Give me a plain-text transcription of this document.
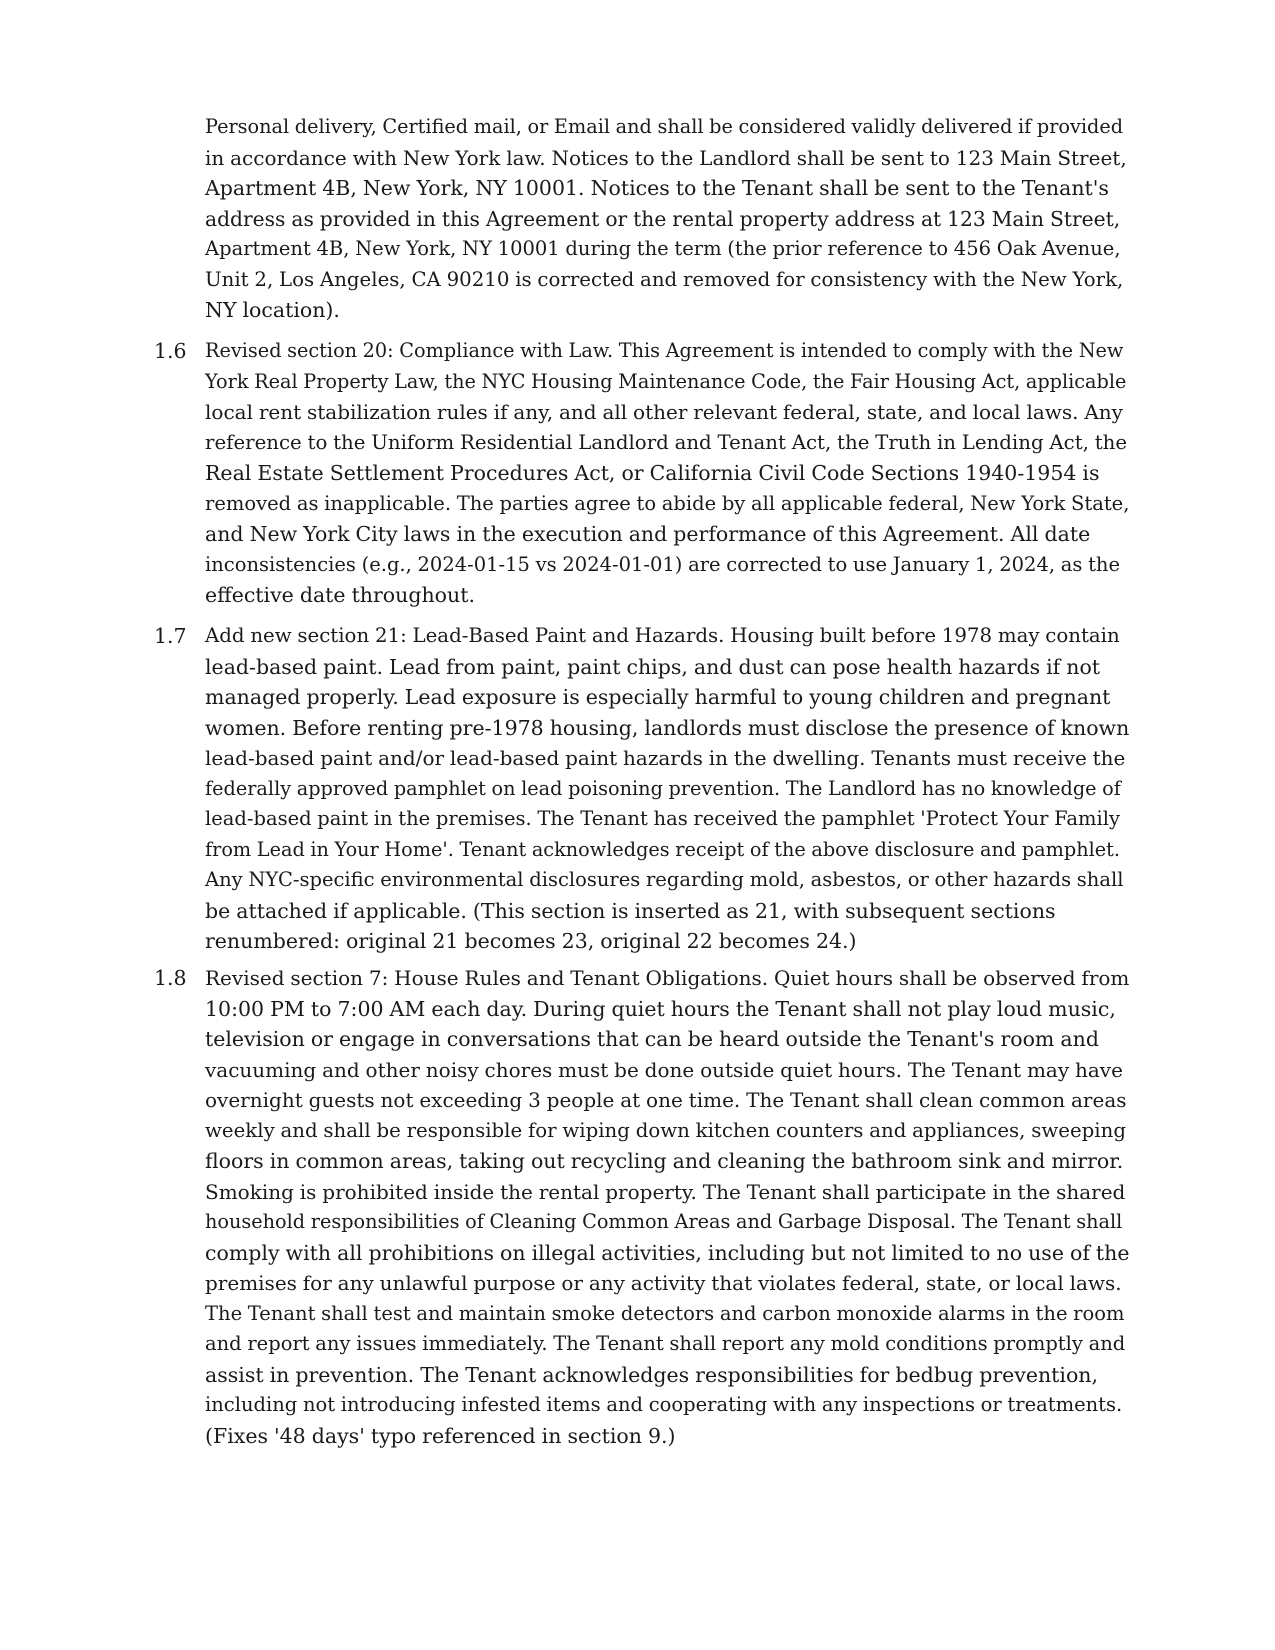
Personal delivery, Certified mail, or Email and shall be considered validly delivered if provided
in accordance with New York law. Notices to the Landlord shall be sent to 123 Main Street,
Apartment 4B, New York, NY 10001. Notices to the Tenant shall be sent to the Tenant's
address as provided in this Agreement or the rental property address at 123 Main Street,
Apartment 4B, New York, NY 10001 during the term (the prior reference to 456 Oak Avenue,
Unit 2, Los Angeles, CA 90210 is corrected and removed for consistency with the New York,
NY location).
1.6 Revised section 20: Compliance with Law. This Agreement is intended to comply with the New
York Real Property Law, the NYC Housing Maintenance Code, the Fair Housing Act, applicable
local rent stabilization rules if any, and all other relevant federal, state, and local laws. Any
reference to the Uniform Residential Landlord and Tenant Act, the Truth in Lending Act, the
Real Estate Settlement Procedures Act, or California Civil Code Sections 1940-1954 is
removed as inapplicable. The parties agree to abide by all applicable federal, New York State,
and New York City laws in the execution and performance of this Agreement. All date
inconsistencies (e.g., 2024-01-15 vs 2024-01-01) are corrected to use January 1, 2024, as the
effective date throughout.
1.7 Add new section 21: Lead-Based Paint and Hazards. Housing built before 1978 may contain
lead-based paint. Lead from paint, paint chips, and dust can pose health hazards if not
managed properly. Lead exposure is especially harmful to young children and pregnant
women. Before renting pre-1978 housing, landlords must disclose the presence of known
lead-based paint and/or lead-based paint hazards in the dwelling. Tenants must receive the
federally approved pamphlet on lead poisoning prevention. The Landlord has no knowledge of
lead-based paint in the premises. The Tenant has received the pamphlet 'Protect Your Family
from Lead in Your Home'. Tenant acknowledges receipt of the above disclosure and pamphlet.
Any NYC-specific environmental disclosures regarding mold, asbestos, or other hazards shall
be attached if applicable. (This section is inserted as 21, with subsequent sections
renumbered: original 21 becomes 23, original 22 becomes 24.)
1.8 Revised section 7: House Rules and Tenant Obligations. Quiet hours shall be observed from
10:00 PM to 7:00 AM each day. During quiet hours the Tenant shall not play loud music,
television or engage in conversations that can be heard outside the Tenant's room and
vacuuming and other noisy chores must be done outside quiet hours. The Tenant may have
overnight guests not exceeding 3 people at one time. The Tenant shall clean common areas
weekly and shall be responsible for wiping down kitchen counters and appliances, sweeping
floors in common areas, taking out recycling and cleaning the bathroom sink and mirror.
Smoking is prohibited inside the rental property. The Tenant shall participate in the shared
household responsibilities of Cleaning Common Areas and Garbage Disposal. The Tenant shall
comply with all prohibitions on illegal activities, including but not limited to no use of the
premises for any unlawful purpose or any activity that violates federal, state, or local laws.
The Tenant shall test and maintain smoke detectors and carbon monoxide alarms in the room
and report any issues immediately. The Tenant shall report any mold conditions promptly and
assist in prevention. The Tenant acknowledges responsibilities for bedbug prevention,
including not introducing infested items and cooperating with any inspections or treatments.
(Fixes '48 days' typo referenced in section 9.)
